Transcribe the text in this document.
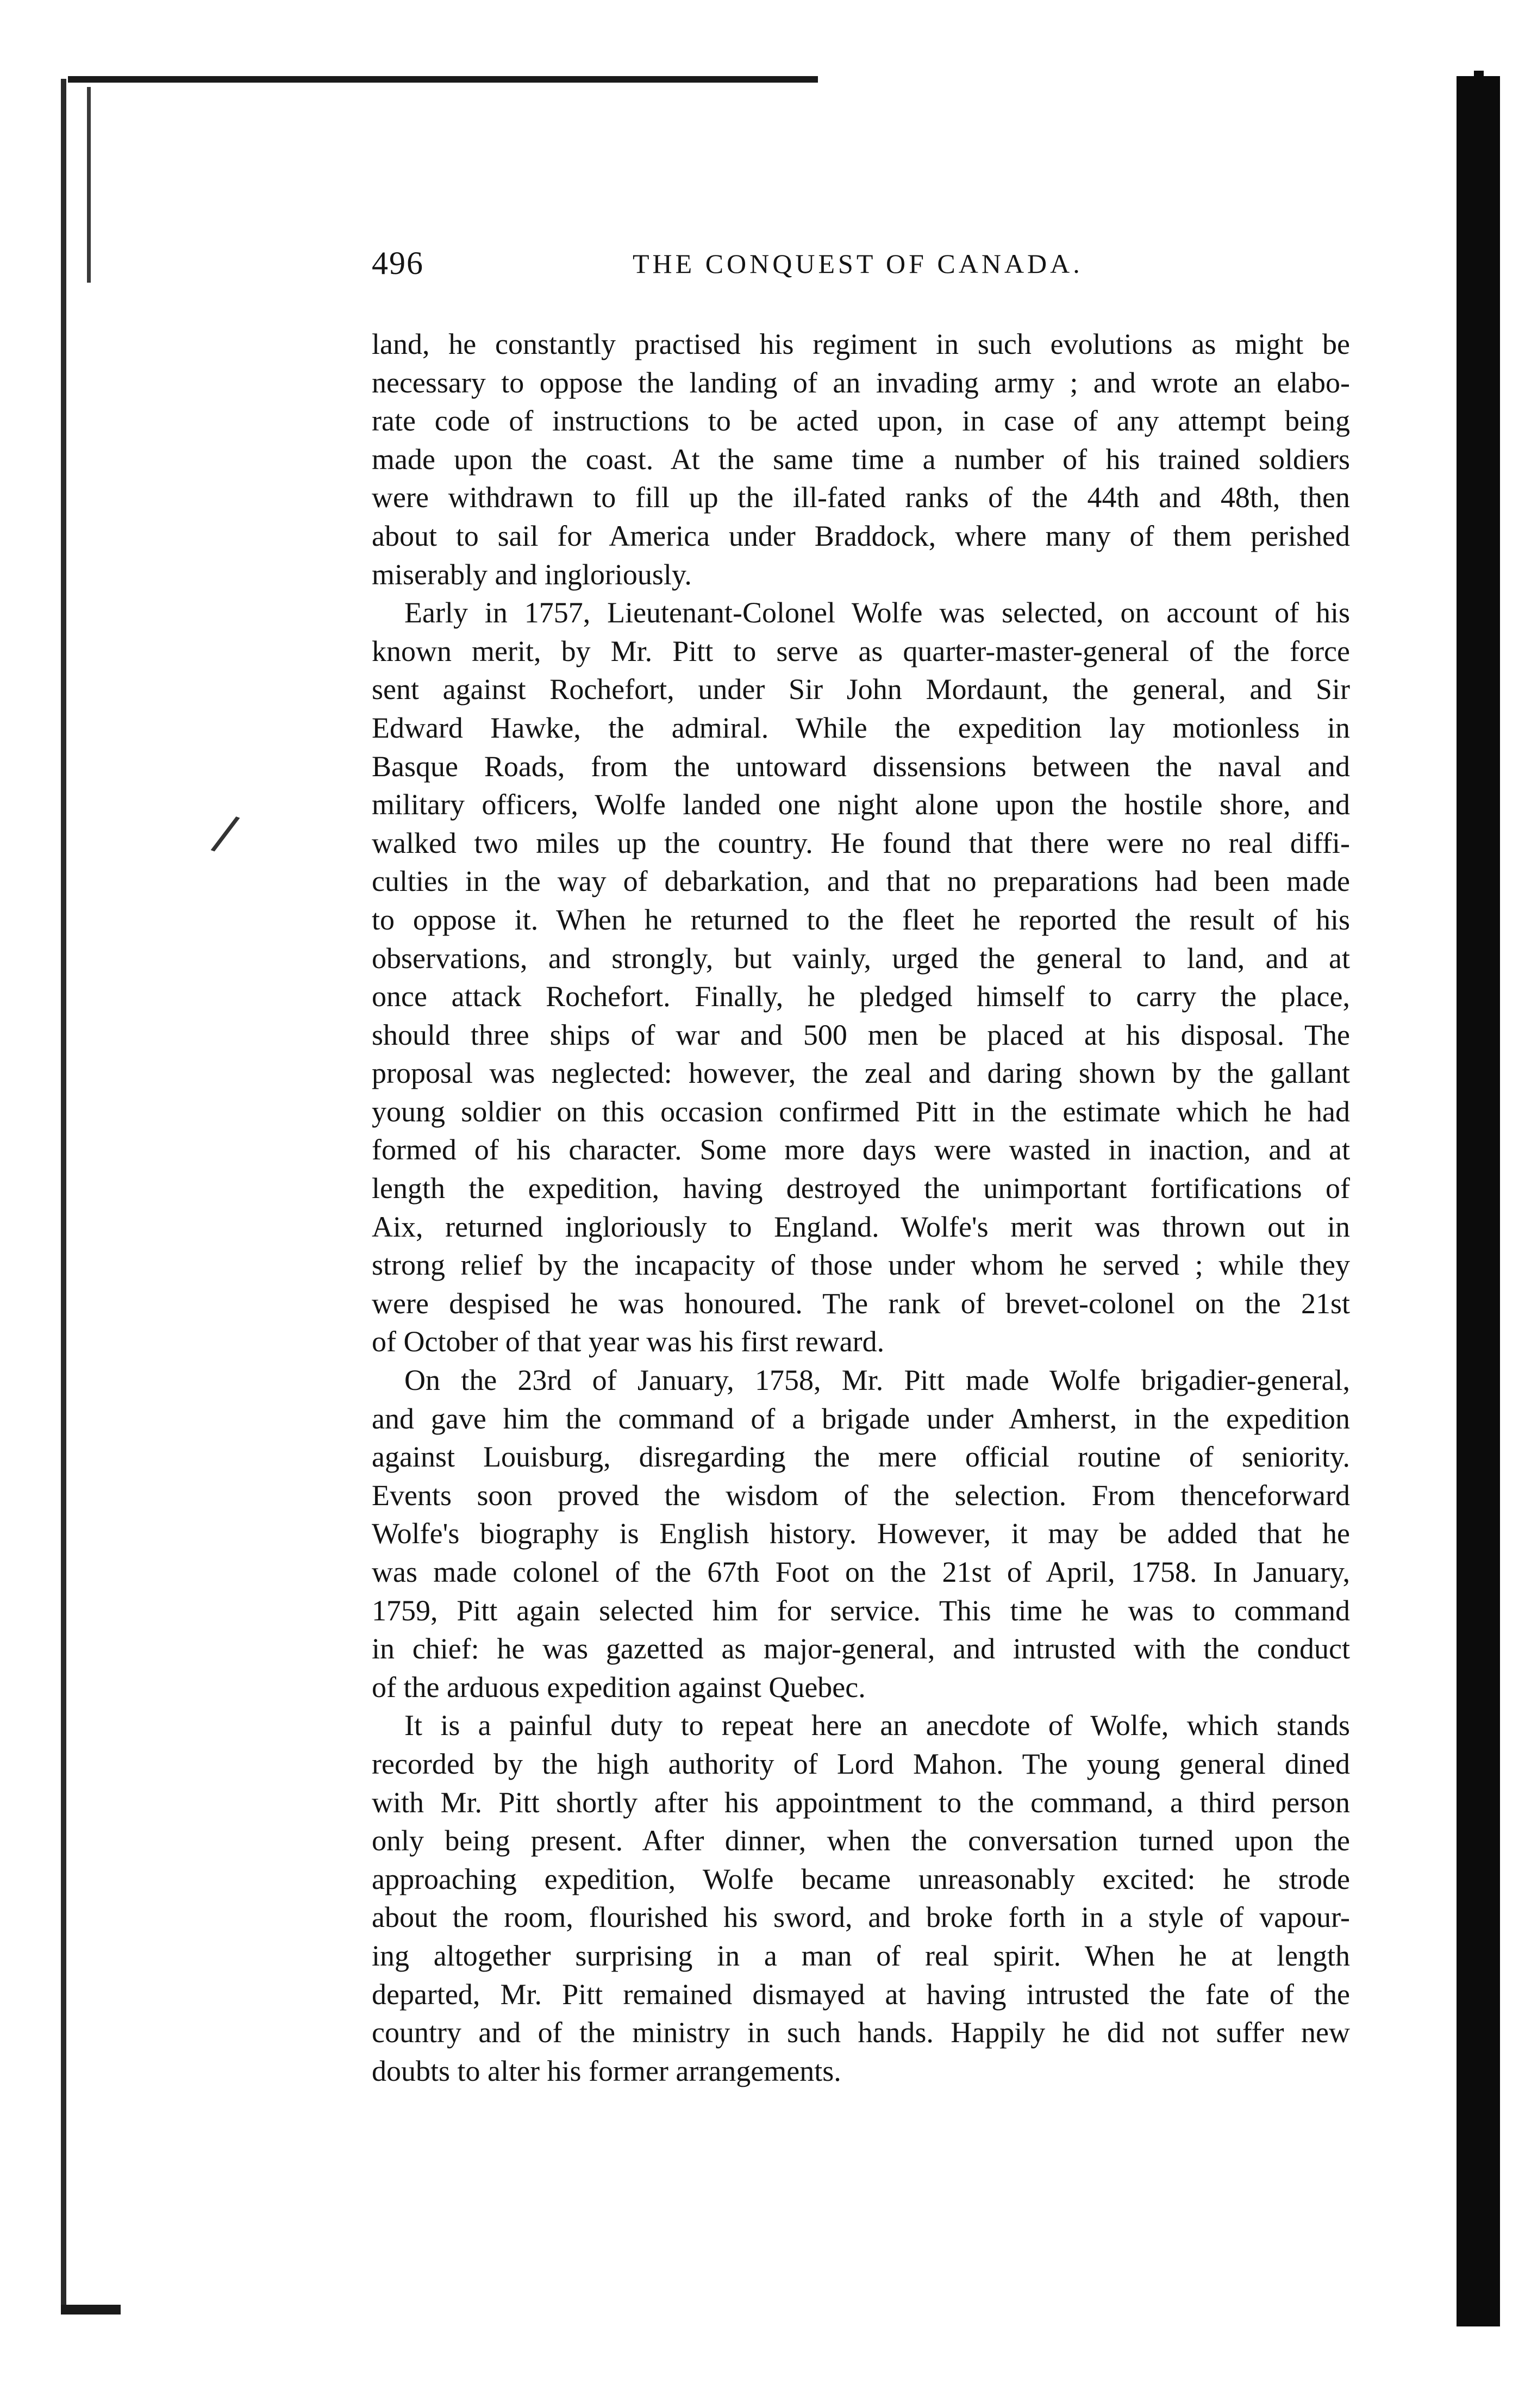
/
496	THE CONQUEST OF CANADA.
land, he constantly practised his regiment in such evolutions as might be
necessary to oppose the landing of an invading army ; and wrote an elabo-
rate code of instructions to be acted upon, in case of any attempt being
made upon the coast. At the same time a number of his trained soldiers
were withdrawn to fill up the ill-fated ranks of the 44th and 48th, then
about to sail for America under Braddock, where many of them perished
miserably and ingloriously.
Early in 1757, Lieutenant-Colonel Wolfe was selected, on account of his
known merit, by Mr. Pitt to serve as quarter-master-general of the force
sent against Rochefort, under Sir John Mordaunt, the general, and Sir
Edward Hawke, the admiral. While the expedition lay motionless in
Basque Roads, from the untoward dissensions between the naval and
military officers, Wolfe landed one night alone upon the hostile shore, and
walked two miles up the country. He found that there were no real diffi-
culties in the way of debarkation, and that no preparations had been made
to oppose it. When he returned to the fleet he reported the result of his
observations, and strongly, but vainly, urged the general to land, and at
once attack Rochefort. Finally, he pledged himself to carry the place,
should three ships of war and 500 men be placed at his disposal. The
proposal was neglected: however, the zeal and daring shown by the gallant
young soldier on this occasion confirmed Pitt in the estimate which he had
formed of his character. Some more days were wasted in inaction, and at
length the expedition, having destroyed the unimportant fortifications of
Aix, returned ingloriously to England. Wolfe's merit was thrown out in
strong relief by the incapacity of those under whom he served ; while they
were despised he was honoured. The rank of brevet-colonel on the 21st
of October of that year was his first reward.
On the 23rd of January, 1758, Mr. Pitt made Wolfe brigadier-general,
and gave him the command of a brigade under Amherst, in the expedition
against Louisburg, disregarding the mere official routine of seniority.
Events soon proved the wisdom of the selection. From thenceforward
Wolfe's biography is English history. However, it may be added that he
was made colonel of the 67th Foot on the 21st of April, 1758. In January,
1759, Pitt again selected him for service. This time he was to command
in chief: he was gazetted as major-general, and intrusted with the conduct
of the arduous expedition against Quebec.
It is a painful duty to repeat here an anecdote of Wolfe, which stands
recorded by the high authority of Lord Mahon. The young general dined
with Mr. Pitt shortly after his appointment to the command, a third person
only being present. After dinner, when the conversation turned upon the
approaching expedition, Wolfe became unreasonably excited: he strode
about the room, flourished his sword, and broke forth in a style of vapour-
ing altogether surprising in a man of real spirit. When he at length
departed, Mr. Pitt remained dismayed at having intrusted the fate of the
country and of the ministry in such hands. Happily he did not suffer new
doubts to alter his former arrangements.
